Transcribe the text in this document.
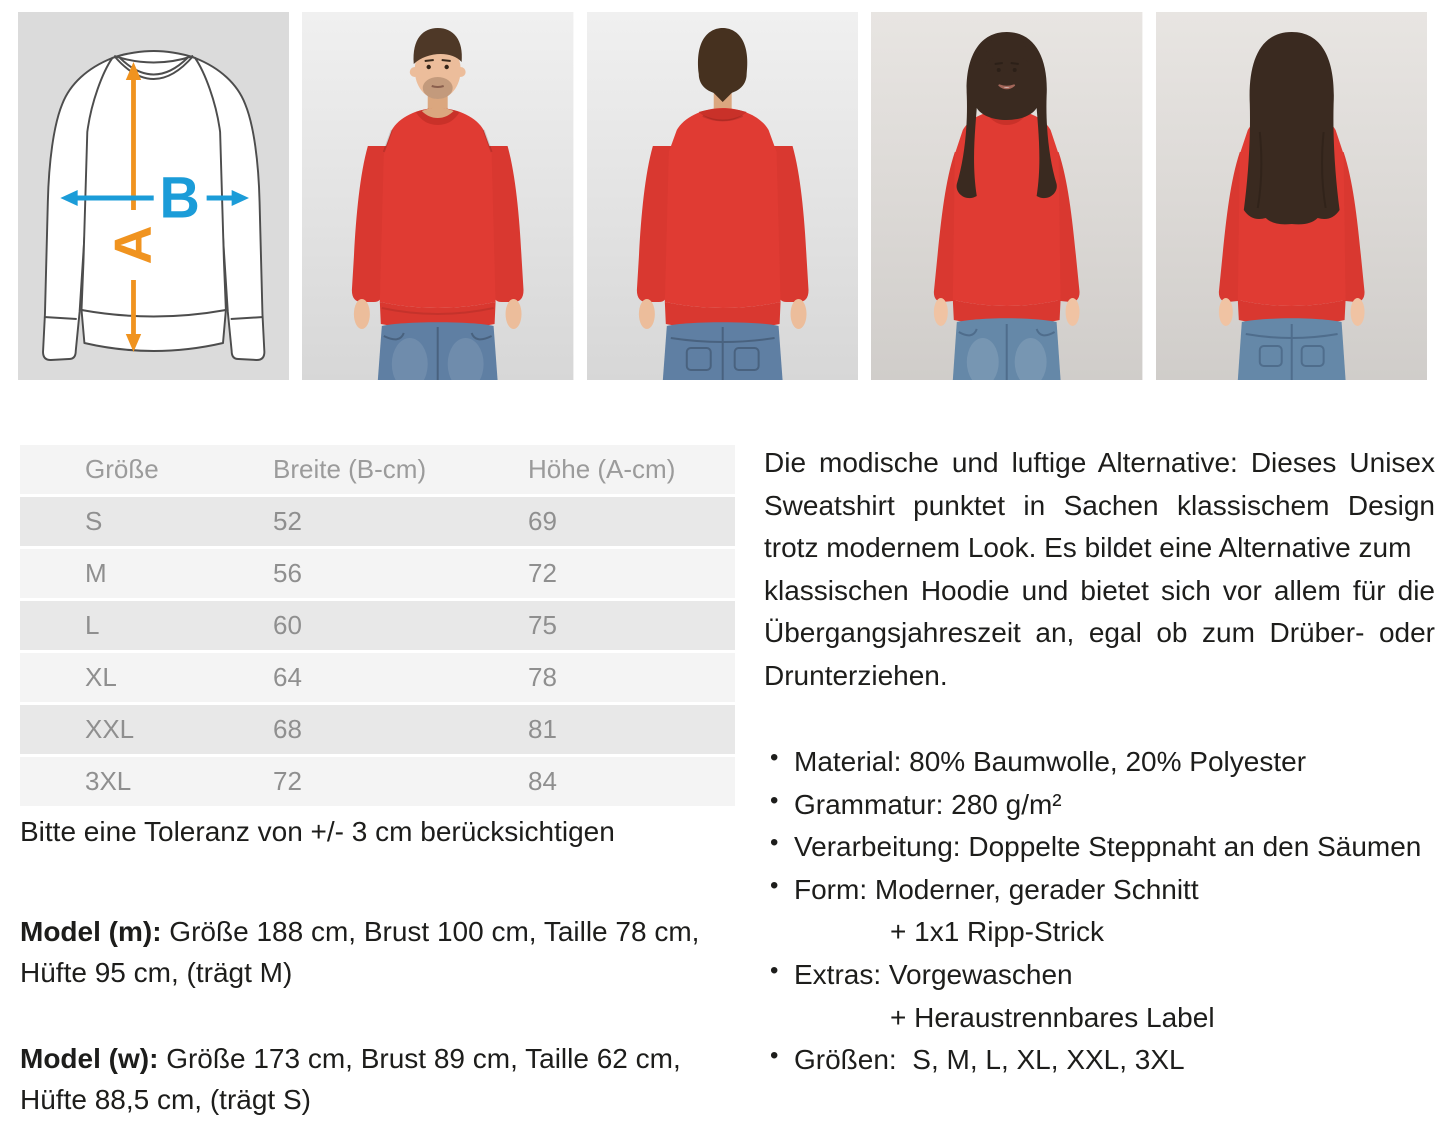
A
B
Größe	Breite (B-cm)	Höhe (A-cm)
S	52	69
M	56	72
L	60	75
XL	64	78
XXL	68	81
3XL	72	84

Bitte eine Toleranz von +/- 3 cm berücksichtigen

Model (m): Größe 188 cm, Brust 100 cm, Taille 78 cm, Hüfte 95 cm, (trägt M)

Model (w): Größe 173 cm, Brust 89 cm, Taille 62 cm, Hüfte 88,5 cm, (trägt S)

Die modische und luftige Alternative: Dieses Unisex Sweatshirt punktet in Sachen klassischem Design trotz modernem Look. Es bildet eine Alternative zum

klassischen Hoodie und bietet sich vor allem für die Übergangsjahreszeit an, egal ob zum Drüber- oder Drunterziehen.

• Material: 80% Baumwolle, 20% Polyester
• Grammatur: 280 g/m²
• Verarbeitung: Doppelte Steppnaht an den Säumen
• Form: Moderner, gerader Schnitt
+ 1x1 Ripp-Strick
• Extras: Vorgewaschen
+ Heraustrennbares Label
• Größen:  S, M, L, XL, XXL, 3XL
